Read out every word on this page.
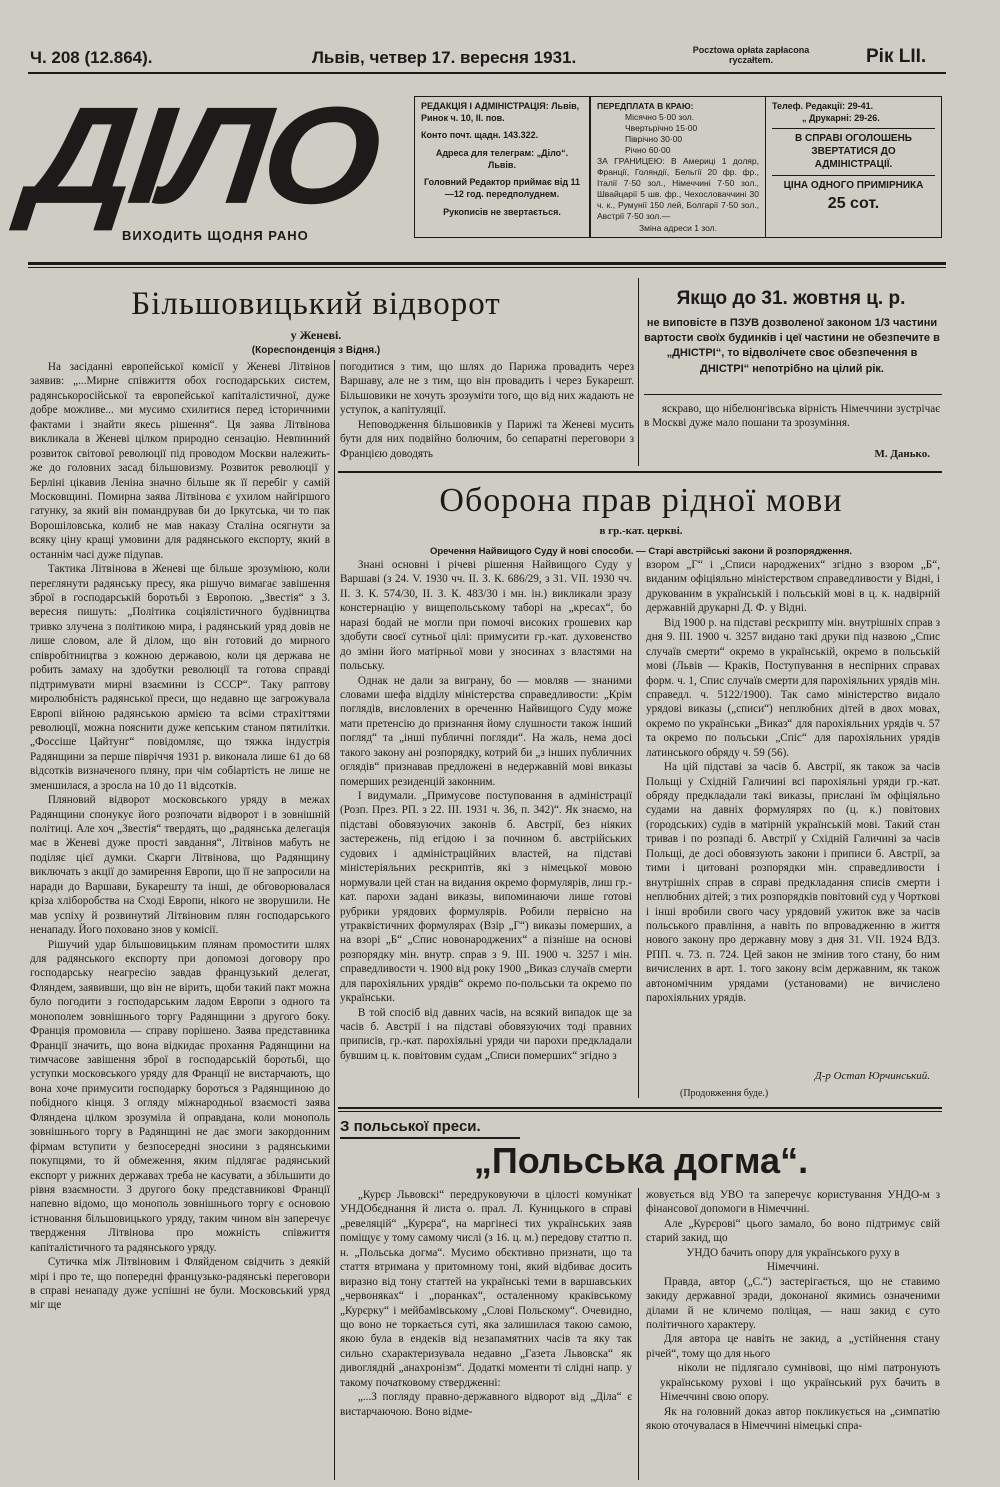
Ч. 208 (12.864).	Львів, четвер 17. вересня 1931.	Pocztowa opłata zapłacona ryczałtem.	Рік LII.
ДІЛО
ВИХОДИТЬ ЩОДНЯ РАНО
РЕДАКЦІЯ І АДМІНІСТРАЦІЯ: Львів, Ринок ч. 10, II. пов.
Конто почт. щадн. 143.322.
Адреса для телеграм: „Діло“. Львів.
Головний Редактор приймає від 11—12 год. передполуднем.
Рукописів не звертається.
ПЕРЕДПЛАТА В КРАЮ:
Місячно 5·00 зол.
Чвертьрічно 15·00
Піврічно 30·00
Річно 60·00
ЗА ГРАНИЦЕЮ: В Америці 1 доляр, Франції, Голяндії, Бельгії 20 фр. фр., Італії 7·50 зол., Німеччині 7·50 зол., Швайцарії 5 шв. фр., Чехословаччині 30 ч. к., Румунії 150 лей, Болгарії 7·50 зол., Австрії 7·50 зол.—
Зміна адреси 1 зол.
Телеф. Редакції: 29-41.
„ Друкарні: 29-26.
В СПРАВІ ОГОЛОШЕНЬ ЗВЕРТАТИСЯ ДО АДМІНІСТРАЦІЇ.
ЦІНА ОДНОГО ПРИМІРНИКА
25 сот.
Більшовицький відворот
у Женеві.
(Кореспонденція з Відня.)

На засіданні европейської комісії у Женеві Літвінов заявив: „...Мирне співжиття обох господарських систем, радянськоросійської та европейської капіталістичної, дуже добре можливе... ми мусимо схилитися перед історичними фактами і знайти якесь рішення“. Ця заява Літвінова викликала в Женеві цілком природно сензацію. Невпинний розвиток світової революції під проводом Москви належить-же до головних засад більшовизму. Розвиток революції у Берліні цікавив Леніна значно більше як її перебіг у самій Московщині. Помирна заява Літвінова є ухилом найгіршого гатунку, за який він помандрував би до Іркутська, чи то пак Ворошіловська, колиб не мав наказу Сталіна осягнути за всяку ціну кращі умовини для радянського експорту, який в останнім часі дуже підупав.

Тактика Літвінова в Женеві ще більше зрозуміюю, коли переглянути радянську пресу, яка рішучо вимагає завішення зброї в господарській боротьбі з Европою. „Звестія“ з 3. вересня пишуть: „Політика соціялістичного будівництва тривко злучена з політикою мира, і радянський уряд довів не лише словом, але й ділом, що він готовий до мирного співробітництва з кожною державою, коли ця держава не робить замаху на здобутки революції та готова справді підтримувати мирні взаємини із СССР“. Таку раптову миролюбність радянської преси, що недавно ще загрожувала Европі війною радянською армією та всіми страхіттями революції, можна пояснити дуже кепським станом пятилітки. „Фоссіше Цайтунг“ повідомляє, що тяжка індустрія Радянщини за перше півріччя 1931 р. виконала лише 61 до 68 відсотків визначеного пляну, при чім собіартість не лише не зменшилася, а зросла на 10 до 11 відсотків.

Пляновий відворот московського уряду в межах Радянщини спонукує його розпочати відворот і в зовнішній політиці. Але хоч „Звестія“ твердять, що „радянська делегація має в Женеві дуже прості завдання“, Літвінов мабуть не поділяє цієї думки. Скарги Літвінова, що Радянщину виключать з акції до замирення Европи, що її не запросили на наради до Варшави, Букарешту та інші, де обговорювалася кріза хліборобства на Сході Европи, нікого не зворушили. Не мав успіху й розвинутий Літвіновим плян господарського ненападу. Його поховано знов у комісії.

Рішучий удар більшовицьким плянам промостити шлях для радянського експорту при допомозі договору про господарську неагресію завдав французький делегат, Фляндем, заявивши, що він не вірить, щоби такий пакт можна було погодити з господарським ладом Европи з одного та монополем зовнішнього торгу Радянщини з другого боку. Франція промовила — справу порішено. Заява представника Франції значить, що вона відкидає прохання Радянщини на тимчасове завішення зброї в господарській боротьбі, що уступки московського уряду для Франції не вистарчають, що вона хоче примусити господарку бороться з Радянщиною до побідного кінця. З огляду міжнародньої взаємості заява Фляндена цілком зрозуміла й оправдана, коли монополь зовнішнього торгу в Радянщині не дає змоги закордонним фірмам вступити у безпосередні зносини з радянськими покупцями, то й обмеження, яким підлягає радянський експорт у рижних державах треба не касувати, а збільшити до рівня взаємности. З другого боку представникові Франції напевно відомо, що монополь зовнішнього торгу є основою істновання більшовицького уряду, таким чином він заперечує твердження Літвінова про можність співжиття капіталістичного та радянського уряду.

Сутичка між Літвіновим і Фляйденом свідчить з деякій мірі і про те, що попередні французько-радянські переговори в справі ненападу дуже успішні не були. Московський уряд міг ще

погодитися з тим, що шлях до Парижа провадить через Варшаву, але не з тим, що він провадить і через Букарешт. Більшовики не хочуть зрозуміти того, що від них жадають не уступок, а капітуляції.

Неповодження більшовиків у Парижі та Женеві мусить бути для них подвійно болючим, бо сепаратні переговори з Францією доводять

Якщо до 31. жовтня ц. р.
не виповісте в ПЗУВ дозволеної законом 1/3 частини вартости своїх будинків і цеї частини не обезпечите в „ДНІСТРІ“, то відволічете своє обезпечення в ДНІСТРІ“ непотрібно на цілий рік.

яскраво, що нібелюнгівська вірність Німеччини зустрічає в Москві дуже мало пошани та зрозуміння.

М. Данько.
Оборона прав рідної мови
в гр.-кат. церкві.
Оречення Найвищого Суду й нові способи. — Старі австрійські закони й розпорядження.

Знані основні і річеві рішення Найвищого Суду у Варшаві (з 24. V. 1930 чч. II. З. К. 686/29, з 31. VII. 1930 чч. II. З. К. 574/30, II. З. К. 483/30 і мн. ін.) викликали зразу констернацію у вищепольському таборі на „кресах“, бо наразі бодай не могли при помочі високих грошевих кар здобути своєї сутньої цілі: примусити гр.-кат. духовенство до зміни його матірньої мови у зносинах з властями на польську.

Однак не дали за виграну, бо — мовляв — знаними словами шефа відділу міністерства справедливости: „Крім поглядів, висловлених в ореченню Найвищого Суду може мати претенсію до признання йому слушности також інший погляд“ та „інші публичні погляди“. На жаль, нема досі такого закону ані розпорядку, котрий би „з інших публичних оглядів“ признавав предложені в недержавній мові виказы померших резиденцій законним.

І видумали. „Примусове поступовання в адміністрації (Розп. През. РП. з 22. ІІІ. 1931 ч. 36, п. 342)“. Як знаємо, на підставі обовязуючих законів б. Австрії, без ніяких застережень, під егідою і за почином б. австрійських судових і адміністраційних властей, на підставі міністеріяльних рескриптів, які з німецької мовою нормували цей стан на видання окремо формулярів, лиш гр.-кат. парохи задані виказы, випоминаючи лише готові рубрики урядових формулярів. Робили первісно на утраквістичних формулярах (Взір „Г“) виказы померших, а на взорі „Б“ „Спис новонароджених“ а пізніше на основі розпорядку мін. внутр. справ з 9. ІІІ. 1900 ч. 3257 і мін. справедливости ч. 1900 від року 1900 „Виказ случаїв смерти для парохіяльних урядів“ окремо по-польськи та окремо по українськи.

В той спосіб від давних часів, на всякий випадок ще за часів б. Австрії і на підставі обовязуючих тоді правних приписів, гр.-кат. парохіяльні уряди чи парохи предкладали бувшим ц. к. повітовим судам „Списи померших“ згідно з

взором „Г“ і „Списи народжених“ згідно з взором „Б“, виданим офіціяльно міністерством справедливости у Відні, і друкованим в українській і польській мові в ц. к. надвірній державній друкарні Д. Ф. у Відні.

Від 1900 р. на підставі рескрипту мін. внутрішніх справ з дня 9. ІІІ. 1900 ч. 3257 видано такі друки під назвою „Спис случаїв смерти“ окремо в українській, окремо в польській мові (Львів — Краків, Поступування в неспірних справах форм. ч. 1, Спис случаїв смерти для парохіяльних урядів мін. справедл. ч. 5122/1900). Так само міністерство видало урядові виказы („списи“) неплюбних дітей в двох мовах, окремо по українськи „Виказ“ для парохіяльних урядів ч. 57 та окремо по польськи „Спіс“ для парохіяльних урядів латинського обряду ч. 59 (56).

На цій підставі за часів б. Австрії, як також за часів Польщі у Східній Галичині всі парохіяльні уряди гр.-кат. обряду предкладали такі виказы, прислані їм офіціяльно судами на давніх формулярях по (ц. к.) повітових (городських) судів в матірній українській мові. Такий стан тривав і по розпаді б. Австрії у Східній Галичині за часів Польщі, де досі обовязують закони і приписи б. Австрії, за тими і цитовані розпорядки мін. справедливости і внутрішніх справ в справі предкладання списів смерти і неплюбних дітей; з тих розпорядків повітовий суд у Чорткові і інші вробили свого часу урядовий ужиток вже за часів польського правління, а навіть по впровадженню в життя нового закону про державну мову з дня 31. VII. 1924 ВДЗ. РПП. ч. 73. п. 724. Цей закон не змінив того стану, бо ним вичислених в арт. 1. того закону всім державним, як також автономічним урядами (установами) не вичислено парохіяльних урядів.

Д-р Остап Юрчинський.
(Продовження буде.)
З польської преси.
„Польська догма“.

„Курєр Львовскі“ передруковуючи в цілості комунікат УНДОбєднання й листа о. прал. Л. Куницького в справі „ревеляцій“ „Курєра“, на маргінесі тих українських заяв поміщує у тому самому числі (з 16. ц. м.) передову статтю п. н. „Польська догма“. Мусимо обєктивно признати, що та стаття втримана у притомному тоні, який відбиває досить виразно від тону статтей на українські теми в варшавських „червоняках“ і „поранках“, осталенному краківському „Курєрку“ і мейбамівському „Слові Польскому“. Очевидно, що воно не торкається суті, яка залишилася такою самою, якою була в ендеків від незапамятних часів та яку так сильно схарактеризувала недавно „Газета Львовска“ як дивогляднй „анахронізм“. Додаткі моменти ті слідні напр. у такому початковому ствердженні:

„...З погляду правно-державного відворот від „Діла“ є вистарчаючою. Воно відме-

жовується від УВО та заперечує користування УНДО-м з фінансової допомоги в Німеччині.

Але „Курєрові“ цього замало, бо воно підтримує свій старий закид, що

УНДО бачить опору для українського руху в Німеччині.

Правда, автор („С.“) застерігається, що не ставимо закиду державної зради, доконаної якимись означеними ділами й не кличемо поліцая, — наш закид є суто політичного характеру.

Для автора це навіть не закид, а „устійнення стану річей“, тому що для нього

ніколи не підлягало сумнівові, що німі патронують українському рухові і що український рух бачить в Німеччині свою опору.

Як на головний доказ автор покликується на „симпатію якою оточувалася в Німеччині німецькі спра-
